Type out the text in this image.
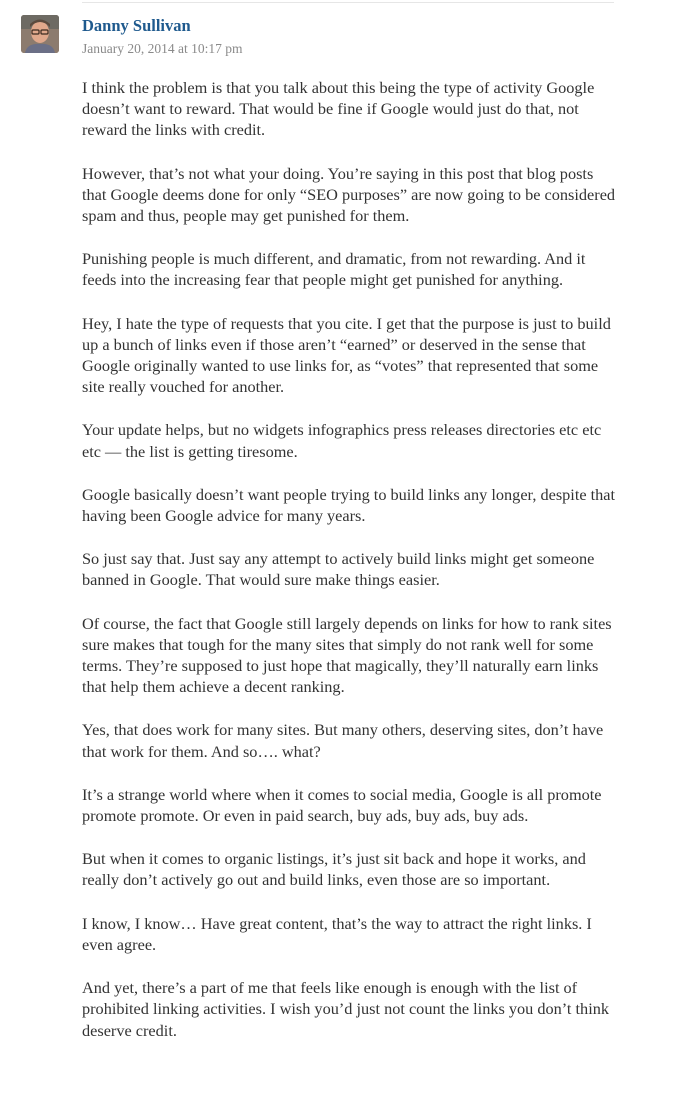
Danny Sullivan
January 20, 2014 at 10:17 pm

I think the problem is that you talk about this being the type of activity Google doesn’t want to reward. That would be fine if Google would just do that, not reward the links with credit.

However, that’s not what your doing. You’re saying in this post that blog posts that Google deems done for only “SEO purposes” are now going to be considered spam and thus, people may get punished for them.

Punishing people is much different, and dramatic, from not rewarding. And it feeds into the increasing fear that people might get punished for anything.

Hey, I hate the type of requests that you cite. I get that the purpose is just to build up a bunch of links even if those aren’t “earned” or deserved in the sense that Google originally wanted to use links for, as “votes” that represented that some site really vouched for another.

Your update helps, but no widgets infographics press releases directories etc etc etc — the list is getting tiresome.

Google basically doesn’t want people trying to build links any longer, despite that having been Google advice for many years.

So just say that. Just say any attempt to actively build links might get someone banned in Google. That would sure make things easier.

Of course, the fact that Google still largely depends on links for how to rank sites sure makes that tough for the many sites that simply do not rank well for some terms. They’re supposed to just hope that magically, they’ll naturally earn links that help them achieve a decent ranking.

Yes, that does work for many sites. But many others, deserving sites, don’t have that work for them. And so…. what?

It’s a strange world where when it comes to social media, Google is all promote promote promote. Or even in paid search, buy ads, buy ads, buy ads.

But when it comes to organic listings, it’s just sit back and hope it works, and really don’t actively go out and build links, even those are so important.

I know, I know… Have great content, that’s the way to attract the right links. I even agree.

And yet, there’s a part of me that feels like enough is enough with the list of prohibited linking activities. I wish you’d just not count the links you don’t think deserve credit.
